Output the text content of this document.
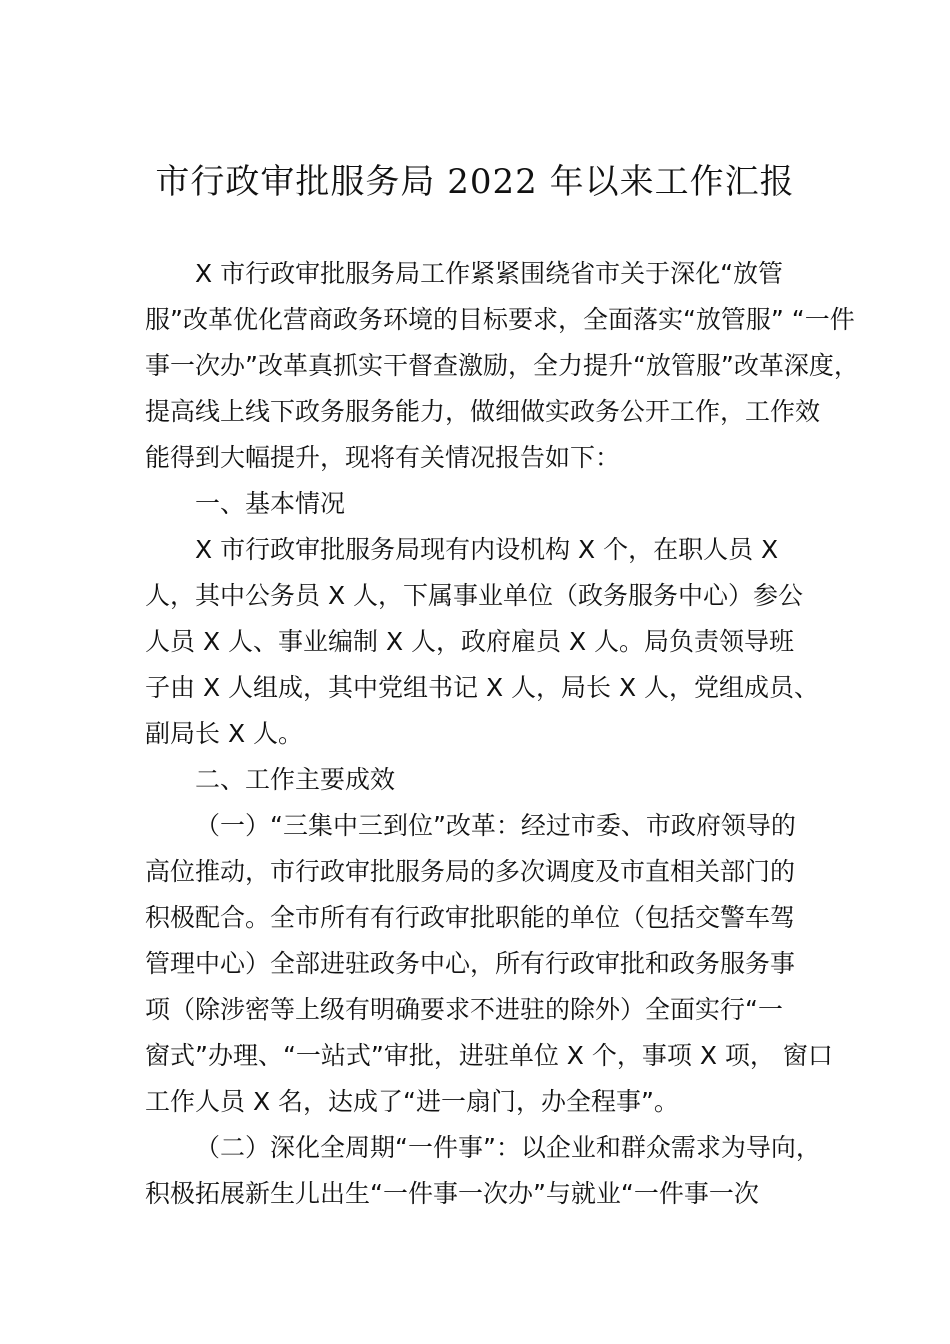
市行政审批服务局 2022 年以来工作汇报
X 市行政审批服务局工作紧紧围绕省市关于深化“放管
服”改革优化营商政务环境的目标要求，全面落实“放管服” “一件
事一次办”改革真抓实干督查激励，全力提升“放管服”改革深度，
提高线上线下政务服务能力，做细做实政务公开工作，工作效
能得到大幅提升，现将有关情况报告如下：
一、基本情况
X 市行政审批服务局现有内设机构 X 个，在职人员 X
人，其中公务员 X 人，下属事业单位（政务服务中心）参公
人员 X 人、事业编制 X 人，政府雇员 X 人。局负责领导班
子由 X 人组成，其中党组书记 X 人，局长 X 人，党组成员、
副局长 X 人。
二、工作主要成效
（一）“三集中三到位”改革：经过市委、市政府领导的
高位推动，市行政审批服务局的多次调度及市直相关部门的
积极配合。全市所有有行政审批职能的单位（包括交警车驾
管理中心）全部进驻政务中心，所有行政审批和政务服务事
项（除涉密等上级有明确要求不进驻的除外）全面实行“一
窗式”办理、“一站式”审批，进驻单位 X 个，事项 X 项， 窗口
工作人员 X 名，达成了“进一扇门，办全程事”。
（二）深化全周期“一件事”：以企业和群众需求为导向，
积极拓展新生儿出生“一件事一次办”与就业“一件事一次
